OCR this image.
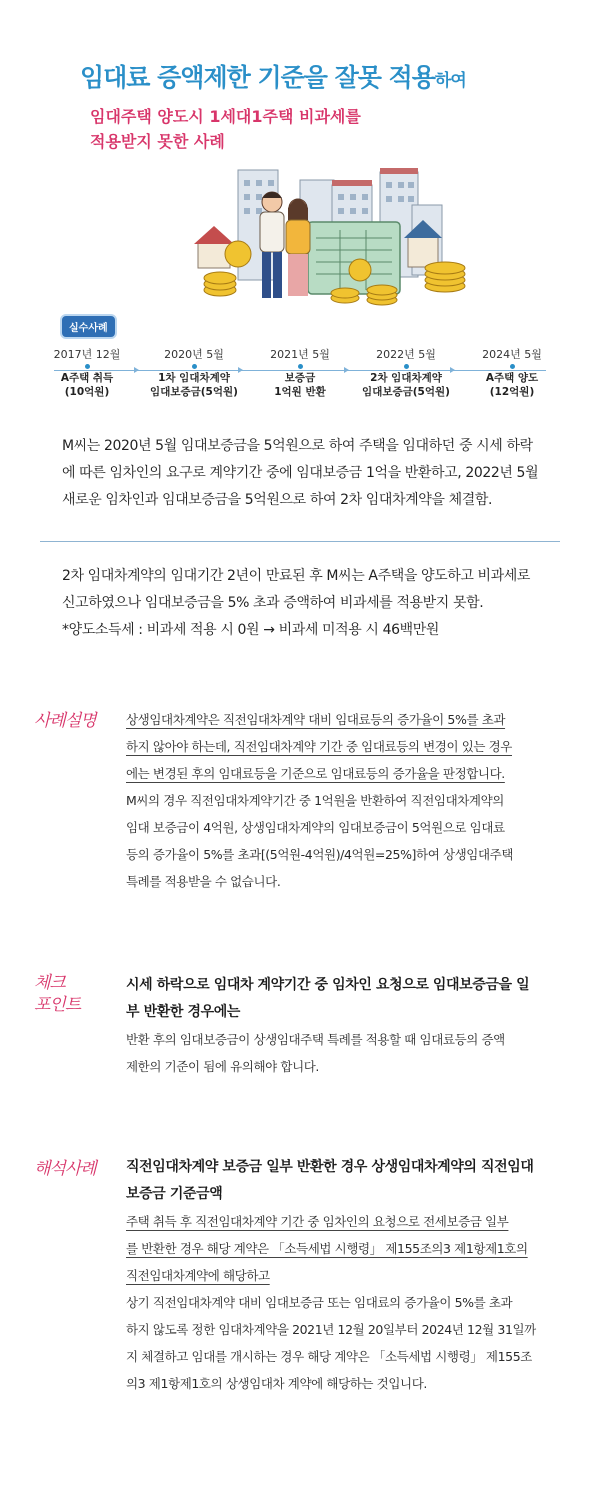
임대료 증액제한 기준을 잘못 적용하여
임대주택 양도시 1세대1주택 비과세를
적용받지 못한 사례
실수사례
2017년 12월
A주택 취득
(10억원)
2020년 5월
1차 임대차계약
임대보증금(5억원)
2021년 5월
보증금
1억원 반환
2022년 5월
2차 임대차계약
임대보증금(5억원)
2024년 5월
A주택 양도
(12억원)
M씨는 2020년 5월 임대보증금을 5억원으로 하여 주택을 임대하던 중 시세 하락
에 따른 임차인의 요구로 계약기간 중에 임대보증금 1억을 반환하고, 2022년 5월
새로운 임차인과 임대보증금을 5억원으로 하여 2차 임대차계약을 체결함.
2차 임대차계약의 임대기간 2년이 만료된 후 M씨는 A주택을 양도하고 비과세로
신고하였으나 임대보증금을 5% 초과 증액하여 비과세를 적용받지 못함.
*양도소득세 : 비과세 적용 시 0원 → 비과세 미적용 시 46백만원
사례설명 상생임대차계약은 직전임대차계약 대비 임대료등의 증가율이 5%를 초과
하지 않아야 하는데, 직전임대차계약 기간 중 임대료등의 변경이 있는 경우
에는 변경된 후의 임대료등을 기준으로 임대료등의 증가율을 판정합니다.
M씨의 경우 직전임대차계약기간 중 1억원을 반환하여 직전임대차계약의
임대 보증금이 4억원, 상생임대차계약의 임대보증금이 5억원으로 임대료
등의 증가율이 5%를 초과[(5억원-4억원)/4억원=25%]하여 상생임대주택
특례를 적용받을 수 없습니다.
체크
포인트
시세 하락으로 임대차 계약기간 중 임차인 요청으로 임대보증금을 일
부 반환한 경우에는
반환 후의 임대보증금이 상생임대주택 특례를 적용할 때 임대료등의 증액
제한의 기준이 됨에 유의해야 합니다.
해석사례 직전임대차계약 보증금 일부 반환한 경우 상생임대차계약의 직전임대
보증금 기준금액
주택 취득 후 직전임대차계약 기간 중 임차인의 요청으로 전세보증금 일부
를 반환한 경우 해당 계약은 「소득세법 시행령」 제155조의3 제1항제1호의
직전임대차계약에 해당하고
상기 직전임대차계약 대비 임대보증금 또는 임대료의 증가율이 5%를 초과
하지 않도록 정한 임대차계약을 2021년 12월 20일부터 2024년 12월 31일까
지 체결하고 임대를 개시하는 경우 해당 계약은 「소득세법 시행령」 제155조
의3 제1항제1호의 상생임대차 계약에 해당하는 것입니다.
